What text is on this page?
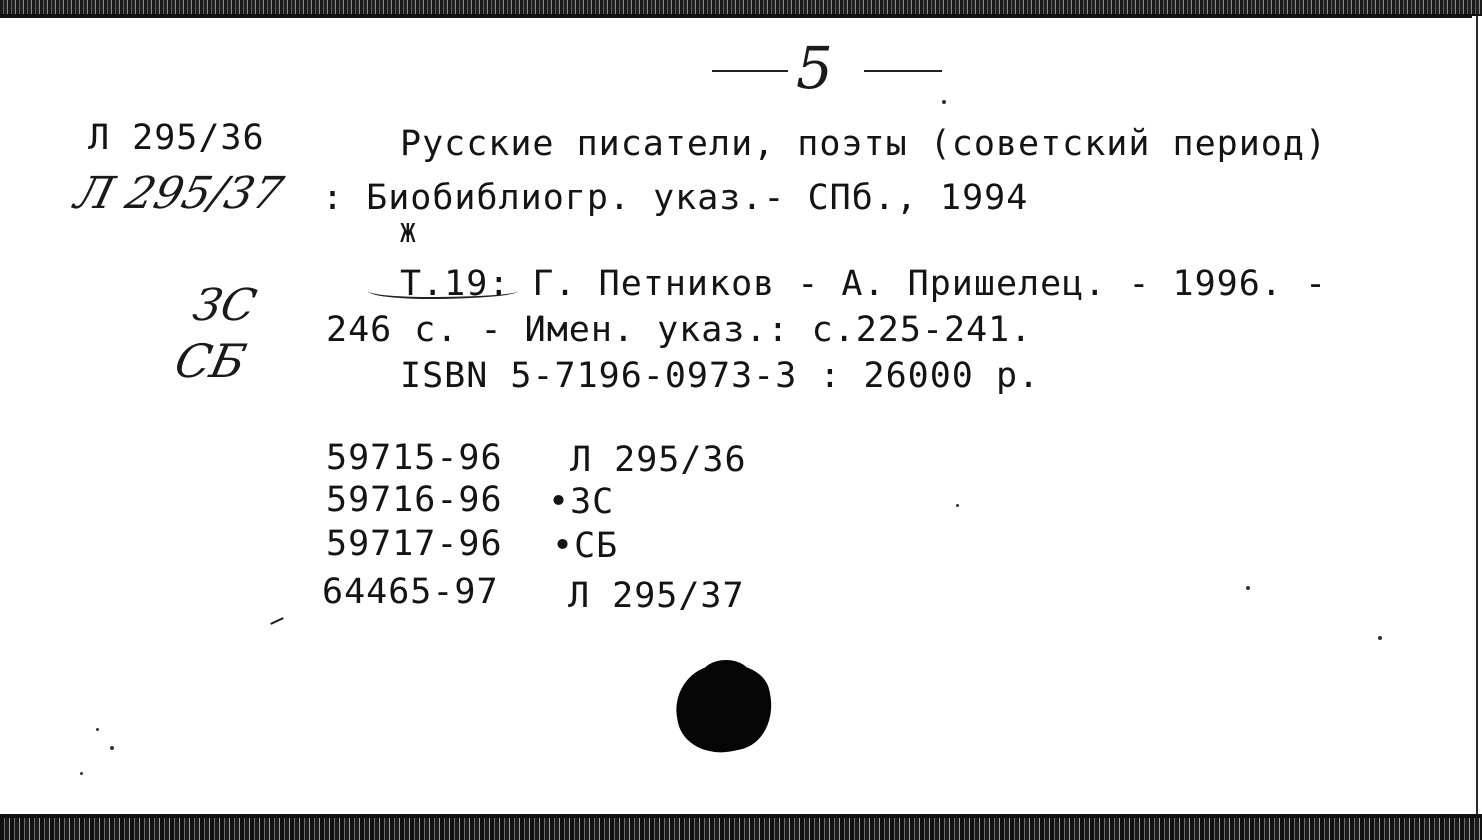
5
Л 295/36
Л 295/37
Русские писатели, поэты (советский период)
: Биобиблиогр. указ.- СПб., 1994
Ж
Т.19: Г. Петников - А. Пришелец. - 1996. -
246 с. - Имен. указ.: с.225-241.
ISBN 5-7196-0973-3 : 26000 р.
ЗС
СБ
59715-96 Л 295/36
59716-96 •ЗС
59717-96 •СБ
64465-97 Л 295/37
